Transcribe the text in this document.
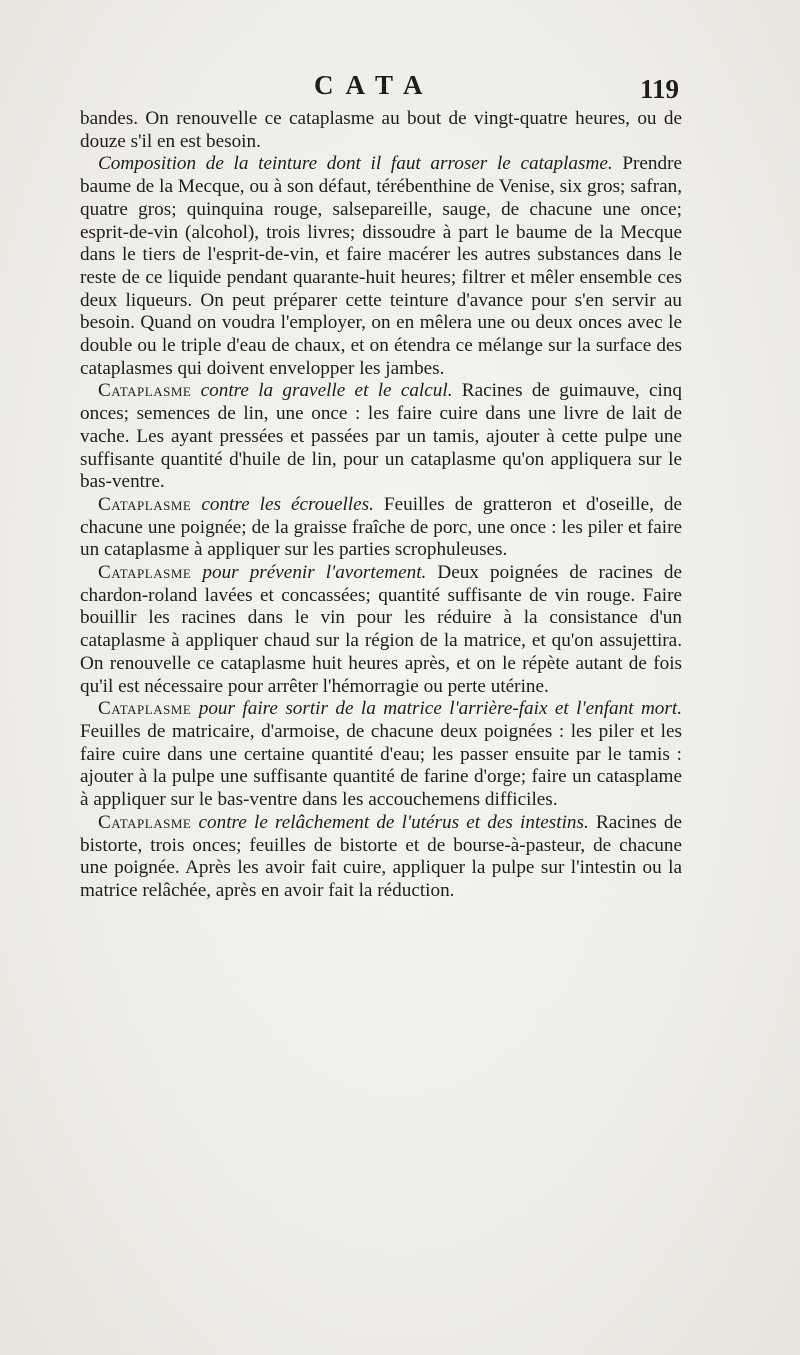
CATA	119

bandes. On renouvelle ce cataplasme au bout de vingt-quatre heures, ou de douze s'il en est besoin.

Composition de la teinture dont il faut arroser le cataplasme. Prendre baume de la Mecque, ou à son défaut, térébenthine de Venise, six gros; safran, quatre gros; quinquina rouge, salsepareille, sauge, de chacune une once; esprit-de-vin (alcohol), trois livres; dissoudre à part le baume de la Mecque dans le tiers de l'esprit-de-vin, et faire macérer les autres substances dans le reste de ce liquide pendant quarante-huit heures; filtrer et mêler ensemble ces deux liqueurs. On peut préparer cette teinture d'avance pour s'en servir au besoin. Quand on voudra l'employer, on en mêlera une ou deux onces avec le double ou le triple d'eau de chaux, et on étendra ce mélange sur la surface des cataplasmes qui doivent envelopper les jambes.

Cataplasme contre la gravelle et le calcul. Racines de guimauve, cinq onces; semences de lin, une once : les faire cuire dans une livre de lait de vache. Les ayant pressées et passées par un tamis, ajouter à cette pulpe une suffisante quantité d'huile de lin, pour un cataplasme qu'on appliquera sur le bas-ventre.

Cataplasme contre les écrouelles. Feuilles de gratteron et d'oseille, de chacune une poignée; de la graisse fraîche de porc, une once : les piler et faire un cataplasme à appliquer sur les parties scrophuleuses.

Cataplasme pour prévenir l'avortement. Deux poignées de racines de chardon-roland lavées et concassées; quantité suffisante de vin rouge. Faire bouillir les racines dans le vin pour les réduire à la consistance d'un cataplasme à appliquer chaud sur la région de la matrice, et qu'on assujettira. On renouvelle ce cataplasme huit heures après, et on le répète autant de fois qu'il est nécessaire pour arrêter l'hémorragie ou perte utérine.

Cataplasme pour faire sortir de la matrice l'arrière-faix et l'enfant mort. Feuilles de matricaire, d'armoise, de chacune deux poignées : les piler et les faire cuire dans une certaine quantité d'eau; les passer ensuite par le tamis : ajouter à la pulpe une suffisante quantité de farine d'orge; faire un catasplame à appliquer sur le bas-ventre dans les accouchemens difficiles.

Cataplasme contre le relâchement de l'utérus et des intestins. Racines de bistorte, trois onces; feuilles de bistorte et de bourse-à-pasteur, de chacune une poignée. Après les avoir fait cuire, appliquer la pulpe sur l'intestin ou la matrice relâchée, après en avoir fait la réduction.
